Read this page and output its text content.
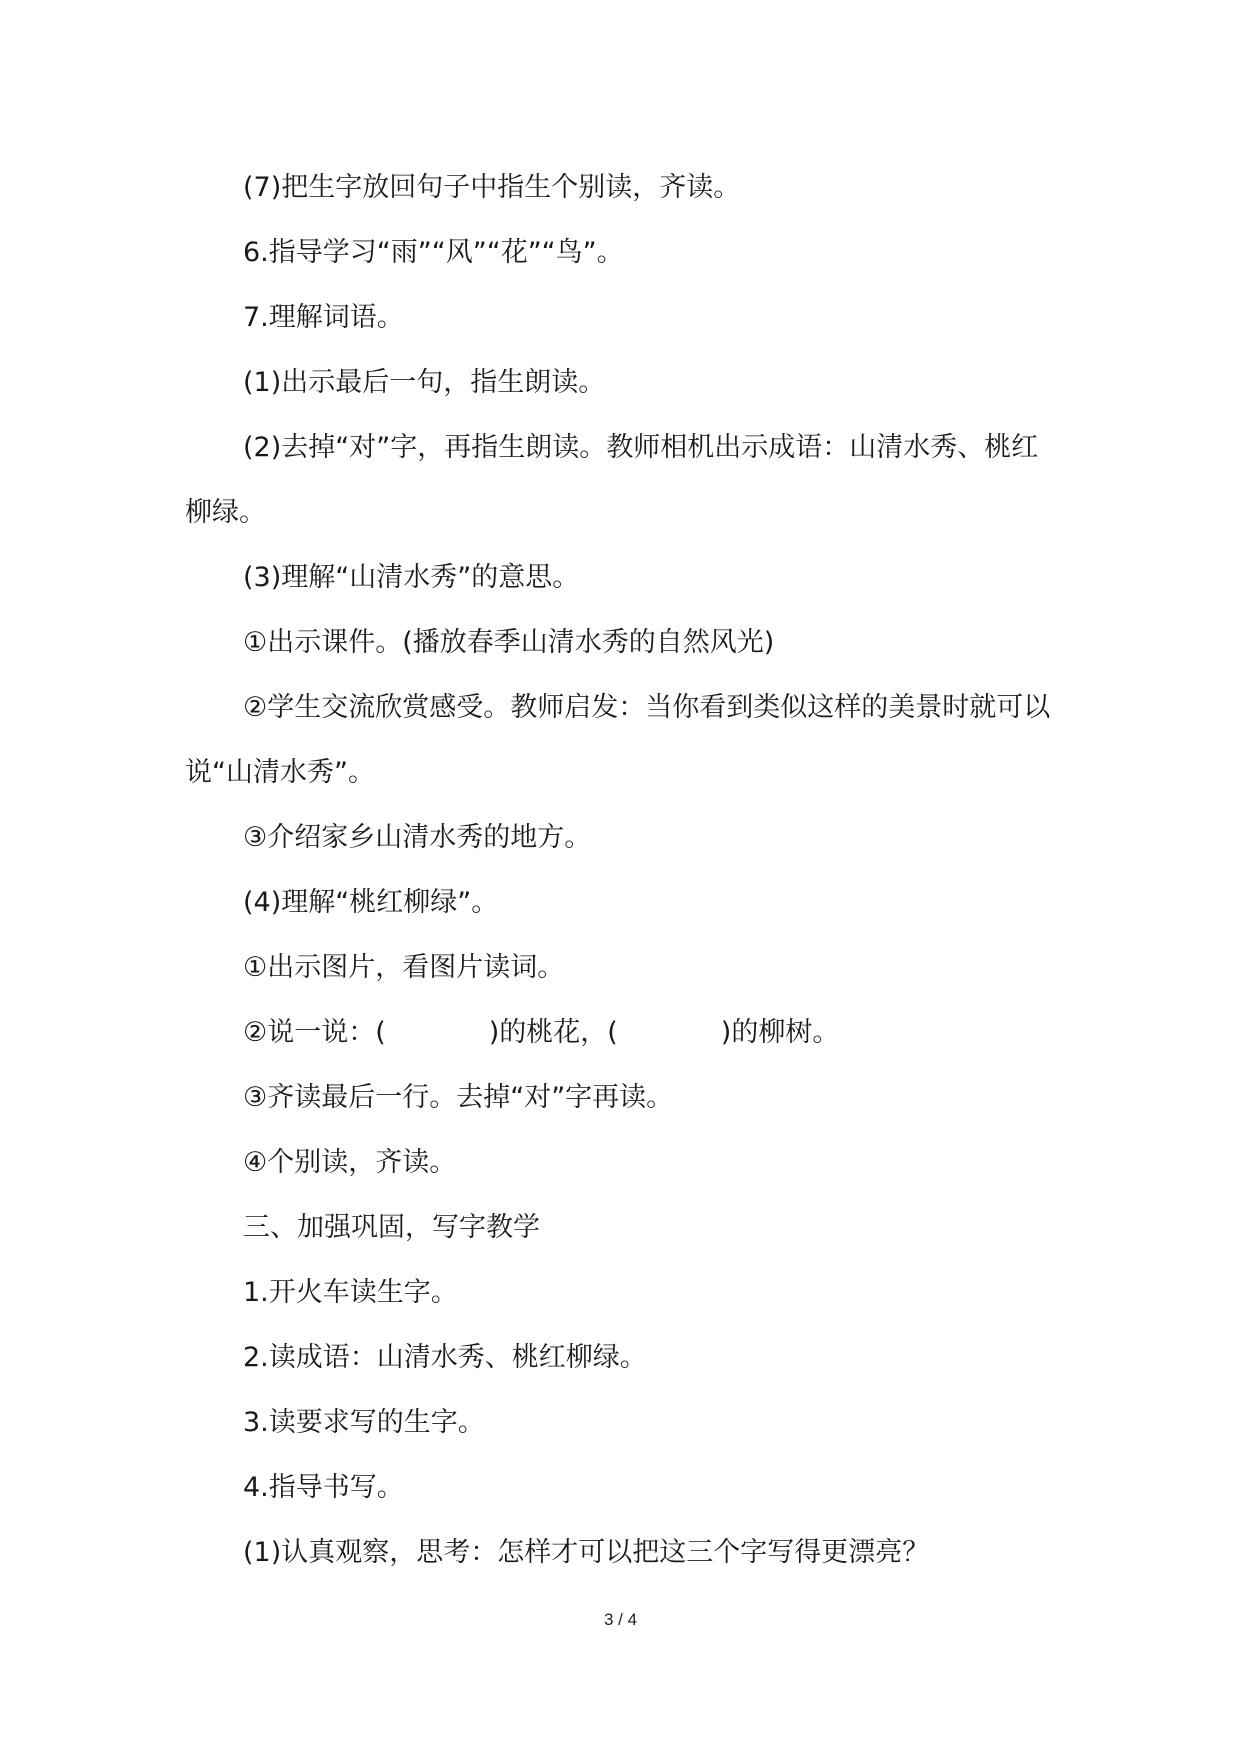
(7)把生字放回句子中指生个别读，齐读。

6.指导学习“雨”“风”“花”“鸟”。

7.理解词语。

(1)出示最后一句，指生朗读。

(2)去掉“对”字，再指生朗读。教师相机出示成语：山清水秀、桃红柳绿。

(3)理解“山清水秀”的意思。

①出示课件。(播放春季山清水秀的自然风光)

②学生交流欣赏感受。教师启发：当你看到类似这样的美景时就可以说“山清水秀”。

③介绍家乡山清水秀的地方。

(4)理解“桃红柳绿”。

①出示图片，看图片读词。

②说一说：(            )的桃花，(            )的柳树。

③齐读最后一行。去掉“对”字再读。

④个别读，齐读。

三、加强巩固，写字教学

1.开火车读生字。

2.读成语：山清水秀、桃红柳绿。

3.读要求写的生字。

4.指导书写。

(1)认真观察，思考：怎样才可以把这三个字写得更漂亮？

3 / 4
